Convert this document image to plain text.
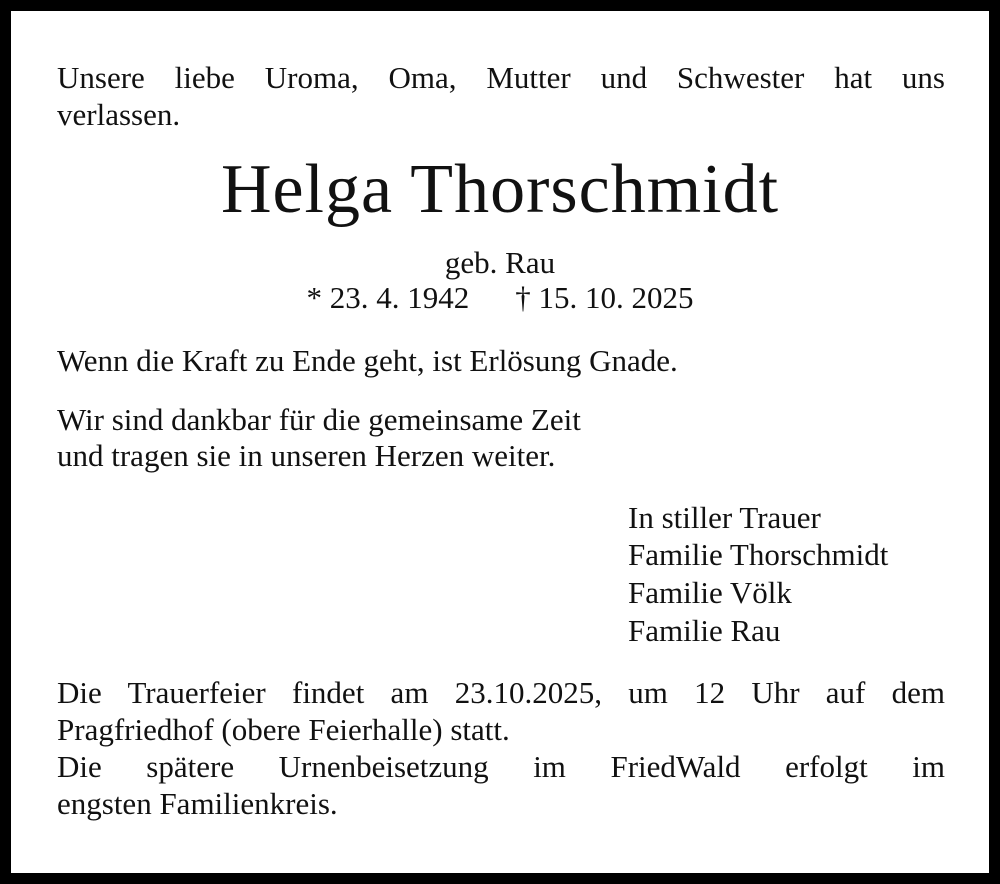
Unsere liebe Uroma, Oma, Mutter und Schwester hat uns
verlassen.
Helga Thorschmidt
geb. Rau
* 23. 4. 1942 † 15. 10. 2025
Wenn die Kraft zu Ende geht, ist Erlösung Gnade.
Wir sind dankbar für die gemeinsame Zeit
und tragen sie in unseren Herzen weiter.
In stiller Trauer
Familie Thorschmidt
Familie Völk
Familie Rau
Die Trauerfeier findet am 23.10.2025, um 12 Uhr auf dem
Pragfriedhof (obere Feierhalle) statt.
Die spätere Urnenbeisetzung im FriedWald erfolgt im
engsten Familienkreis.
